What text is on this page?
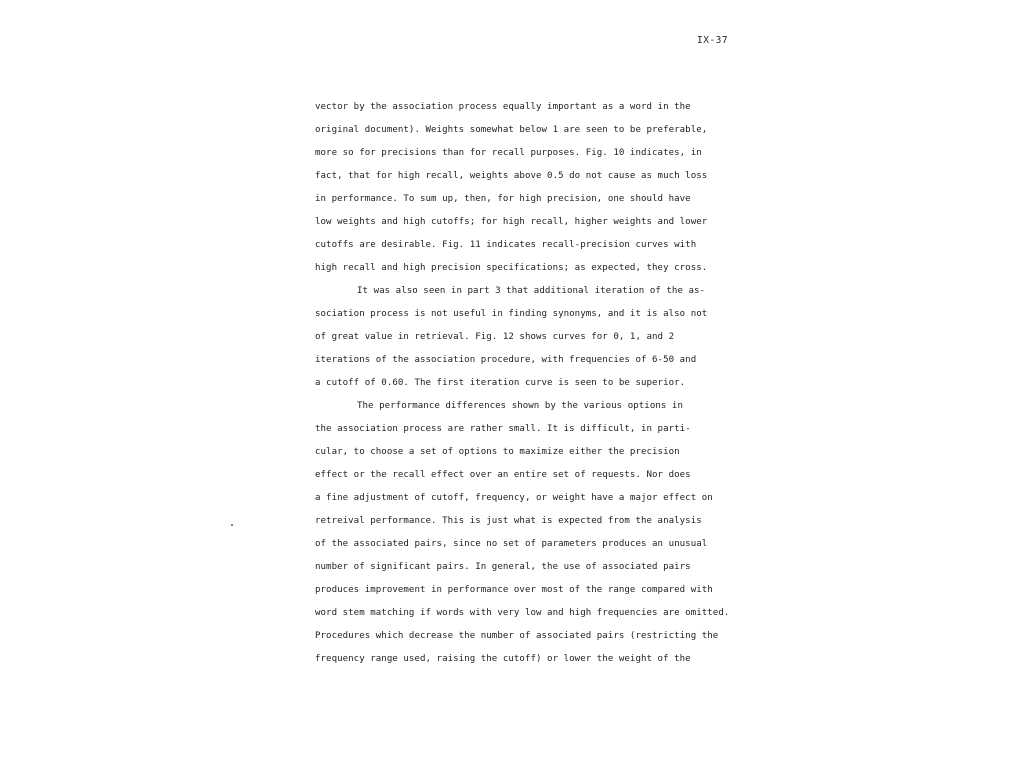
IX-37
vector by the association process equally important as a word in the
original document). Weights somewhat below 1 are seen to be preferable,
more so for precisions than for recall purposes. Fig. 10 indicates, in
fact, that for high recall, weights above 0.5 do not cause as much loss
in performance. To sum up, then, for high precision, one should have
low weights and high cutoffs; for high recall, higher weights and lower
cutoffs are desirable. Fig. 11 indicates recall-precision curves with
high recall and high precision specifications; as expected, they cross.
It was also seen in part 3 that additional iteration of the as-
sociation process is not useful in finding synonyms, and it is also not
of great value in retrieval. Fig. 12 shows curves for 0, 1, and 2
iterations of the association procedure, with frequencies of 6-50 and
a cutoff of 0.60. The first iteration curve is seen to be superior.
The performance differences shown by the various options in
the association process are rather small. It is difficult, in parti-
cular, to choose a set of options to maximize either the precision
effect or the recall effect over an entire set of requests. Nor does
a fine adjustment of cutoff, frequency, or weight have a major effect on
retreival performance. This is just what is expected from the analysis
of the associated pairs, since no set of parameters produces an unusual
number of significant pairs. In general, the use of associated pairs
produces improvement in performance over most of the range compared with
word stem matching if words with very low and high frequencies are omitted.
Procedures which decrease the number of associated pairs (restricting the
frequency range used, raising the cutoff) or lower the weight of the
